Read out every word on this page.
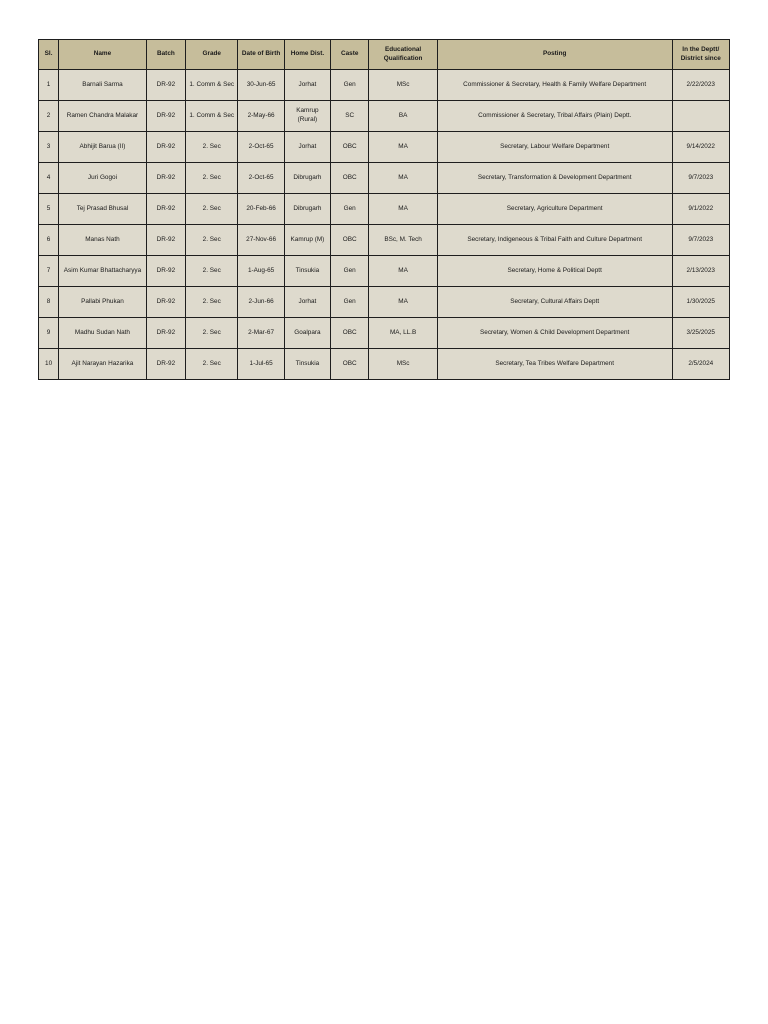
Sl.	Name	Batch	Grade	Date of Birth	Home Dist.	Caste	Educational Qualification	Posting	In the Deptt/ District since
1	Barnali Sarma	DR-92	1. Comm & Sec	30-Jun-65	Jorhat	Gen	MSc	Commissioner & Secretary, Health & Family Welfare Department	2/22/2023
2	Ramen Chandra Malakar	DR-92	1. Comm & Sec	2-May-66	Kamrup (Rural)	SC	BA	Commissioner & Secretary, Tribal Affairs (Plain) Deptt.	
3	Abhijit Barua (II)	DR-92	2. Sec	2-Oct-65	Jorhat	OBC	MA	Secretary, Labour Welfare Department	9/14/2022
4	Juri Gogoi	DR-92	2. Sec	2-Oct-65	Dibrugarh	OBC	MA	Secretary, Transformation & Development Department	9/7/2023
5	Tej Prasad Bhusal	DR-92	2. Sec	20-Feb-66	Dibrugarh	Gen	MA	Secretary, Agriculture Department	9/1/2022
6	Manas Nath	DR-92	2. Sec	27-Nov-66	Kamrup (M)	OBC	BSc, M. Tech	Secretary, Indigeneous & Tribal Faith and Culture Department	9/7/2023
7	Asim Kumar Bhattacharyya	DR-92	2. Sec	1-Aug-65	Tinsukia	Gen	MA	Secretary, Home & Political Deptt	2/13/2023
8	Pallabi Phukan	DR-92	2. Sec	2-Jun-66	Jorhat	Gen	MA	Secretary, Cultural Affairs Deptt	1/30/2025
9	Madhu Sudan Nath	DR-92	2. Sec	2-Mar-67	Goalpara	OBC	MA, LL.B	Secretary, Women & Child Development Department	3/25/2025
10	Ajit Narayan Hazarika	DR-92	2. Sec	1-Jul-65	Tinsukia	OBC	MSc	Secretary, Tea Tribes Welfare Department	2/5/2024
